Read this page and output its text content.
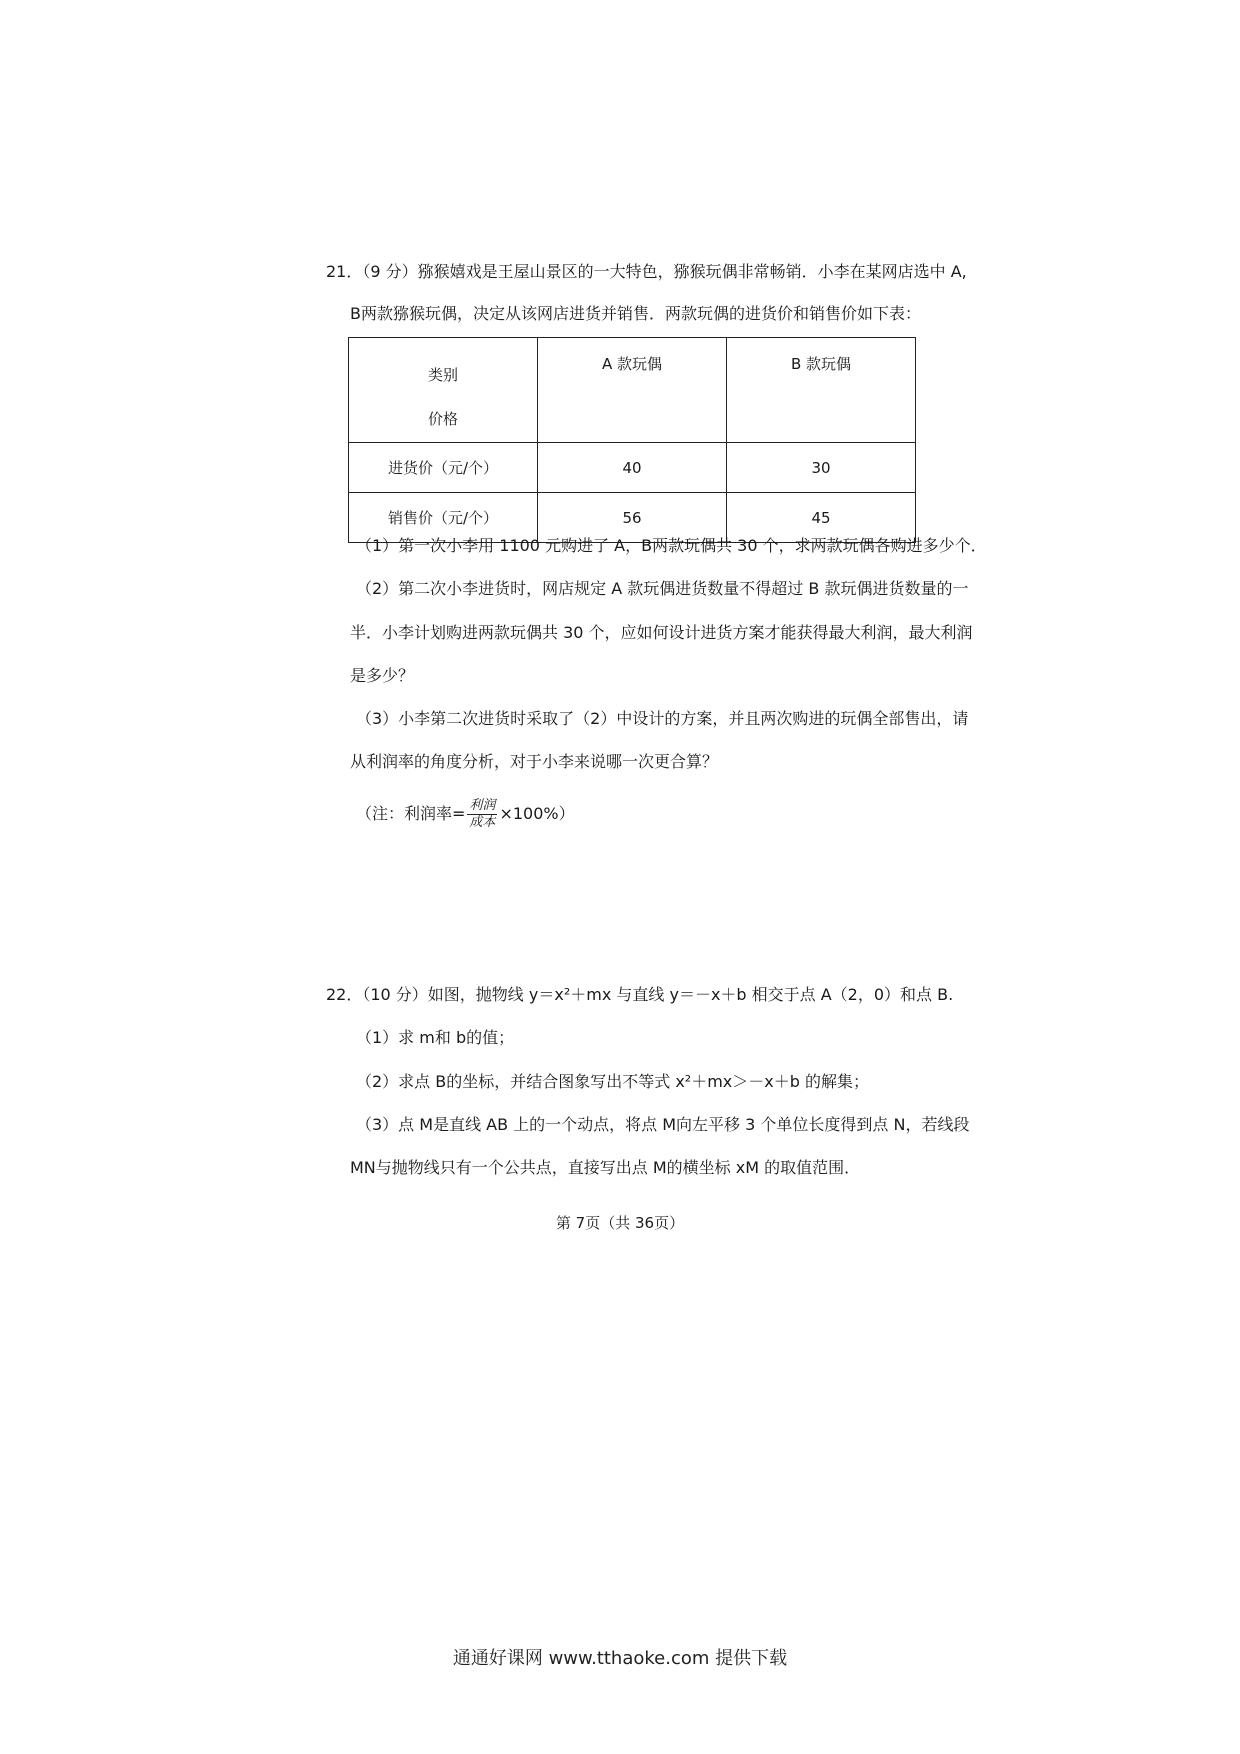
21．（9 分）猕猴嬉戏是王屋山景区的一大特色，猕猴玩偶非常畅销．小李在某网店选中 A,
B两款猕猴玩偶，决定从该网店进货并销售．两款玩偶的进货价和销售价如下表：
类别
价格	A 款玩偶	B 款玩偶

进货价（元/个）	40	30
销售价（元/个）	56	45
（1）第一次小李用 1100 元购进了 A，B两款玩偶共 30 个，求两款玩偶各购进多少个．
（2）第二次小李进货时，网店规定 A 款玩偶进货数量不得超过 B 款玩偶进货数量的一
半．小李计划购进两款玩偶共 30 个，应如何设计进货方案才能获得最大利润，最大利润
是多少？
（3）小李第二次进货时采取了（2）中设计的方案，并且两次购进的玩偶全部售出，请
从利润率的角度分析，对于小李来说哪一次更合算？
（注：利润率= $\frac{\text{利润}}{\text{成本}} \times 100\%$）
22．（10 分）如图，抛物线 y＝x²＋mx 与直线 y＝－x＋b 相交于点 A（2，0）和点 B.
（1）求 m和 b的值；
（2）求点 B的坐标，并结合图象写出不等式 x²＋mx＞－x＋b 的解集；
（3）点 M是直线 AB 上的一个动点，将点 M向左平移 3 个单位长度得到点 N，若线段
MN与抛物线只有一个公共点，直接写出点 M的横坐标 xM 的取值范围．
第 7页（共 36页）
通通好课网 www.tthaoke.com 提供下载
